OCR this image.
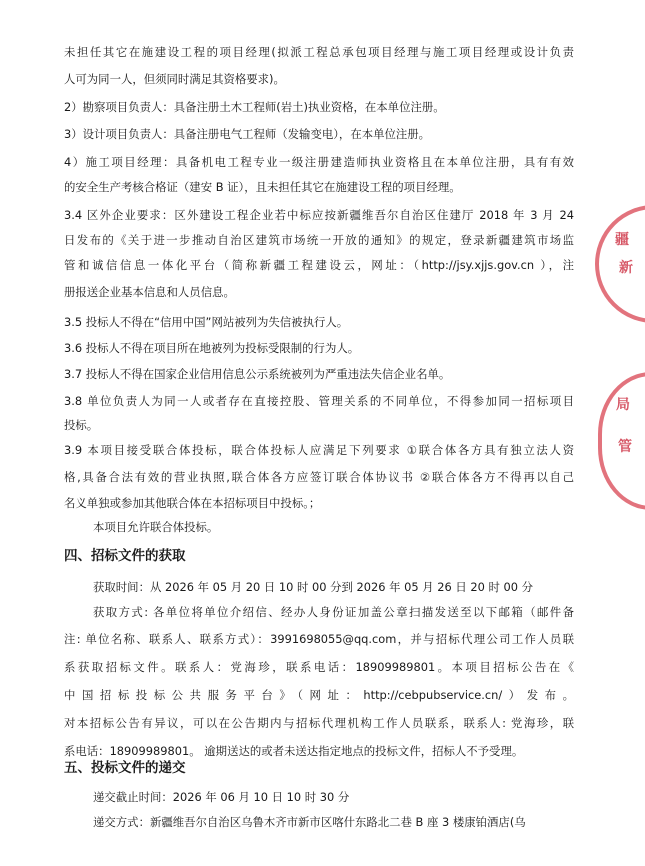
未担任其它在施建设工程的项目经理(拟派工程总承包项目经理与施工项目经理或设计负责
人可为同一人，但须同时满足其资格要求)。
2）勘察项目负责人：具备注册土木工程师(岩土)执业资格，在本单位注册。
3）设计项目负责人：具备注册电气工程师（发输变电），在本单位注册。
4）施工项目经理：具备机电工程专业一级注册建造师执业资格且在本单位注册，具有有效
的安全生产考核合格证（建安 B 证），且未担任其它在施建设工程的项目经理。
3.4 区外企业要求：区外建设工程企业若中标应按新疆维吾尔自治区住建厅 2018 年 3 月 24
日发布的《关于进一步推动自治区建筑市场统一开放的通知》的规定，登录新疆建筑市场监
管和诚信信息一体化平台（简称新疆工程建设云，网址：（http://jsy.xjjs.gov.cn ），注
册报送企业基本信息和人员信息。
3.5 投标人不得在“信用中国”网站被列为失信被执行人。
3.6 投标人不得在项目所在地被列为投标受限制的行为人。
3.7 投标人不得在国家企业信用信息公示系统被列为严重违法失信企业名单。
3.8 单位负责人为同一人或者存在直接控股、管理关系的不同单位，不得参加同一招标项目
投标。
3.9 本项目接受联合体投标，联合体投标人应满足下列要求 ①联合体各方具有独立法人资
格,具备合法有效的营业执照,联合体各方应签订联合体协议书 ②联合体各方不得再以自己
名义单独或参加其他联合体在本招标项目中投标。；
本项目允许联合体投标。
四、招标文件的获取
获取时间：从 2026 年 05 月 20 日 10 时 00 分到 2026 年 05 月 26 日 20 时 00 分
获取方式: 各单位将单位介绍信、经办人身份证加盖公章扫描发送至以下邮箱（邮件备
注: 单位名称、联系人、联系方式）：3991698055@qq.com，并与招标代理公司工作人员联
系获取招标文件。联系人：党海珍，联系电话：18909989801。本项目招标公告在《
中国招标投标公共服务平台》（网址：http://cebpubservice.cn/）发布。
对本招标公告有异议，可以在公告期内与招标代理机构工作人员联系，联系人: 党海珍，联
系电话：18909989801。 逾期送达的或者未送达指定地点的投标文件，招标人不予受理。
五、投标文件的递交
疆
新
局
管
递交截止时间：2026 年 06 月 10 日 10 时 30 分
递交方式：新疆维吾尔自治区乌鲁木齐市新市区喀什东路北二巷 B 座 3 楼康铂酒店(乌
